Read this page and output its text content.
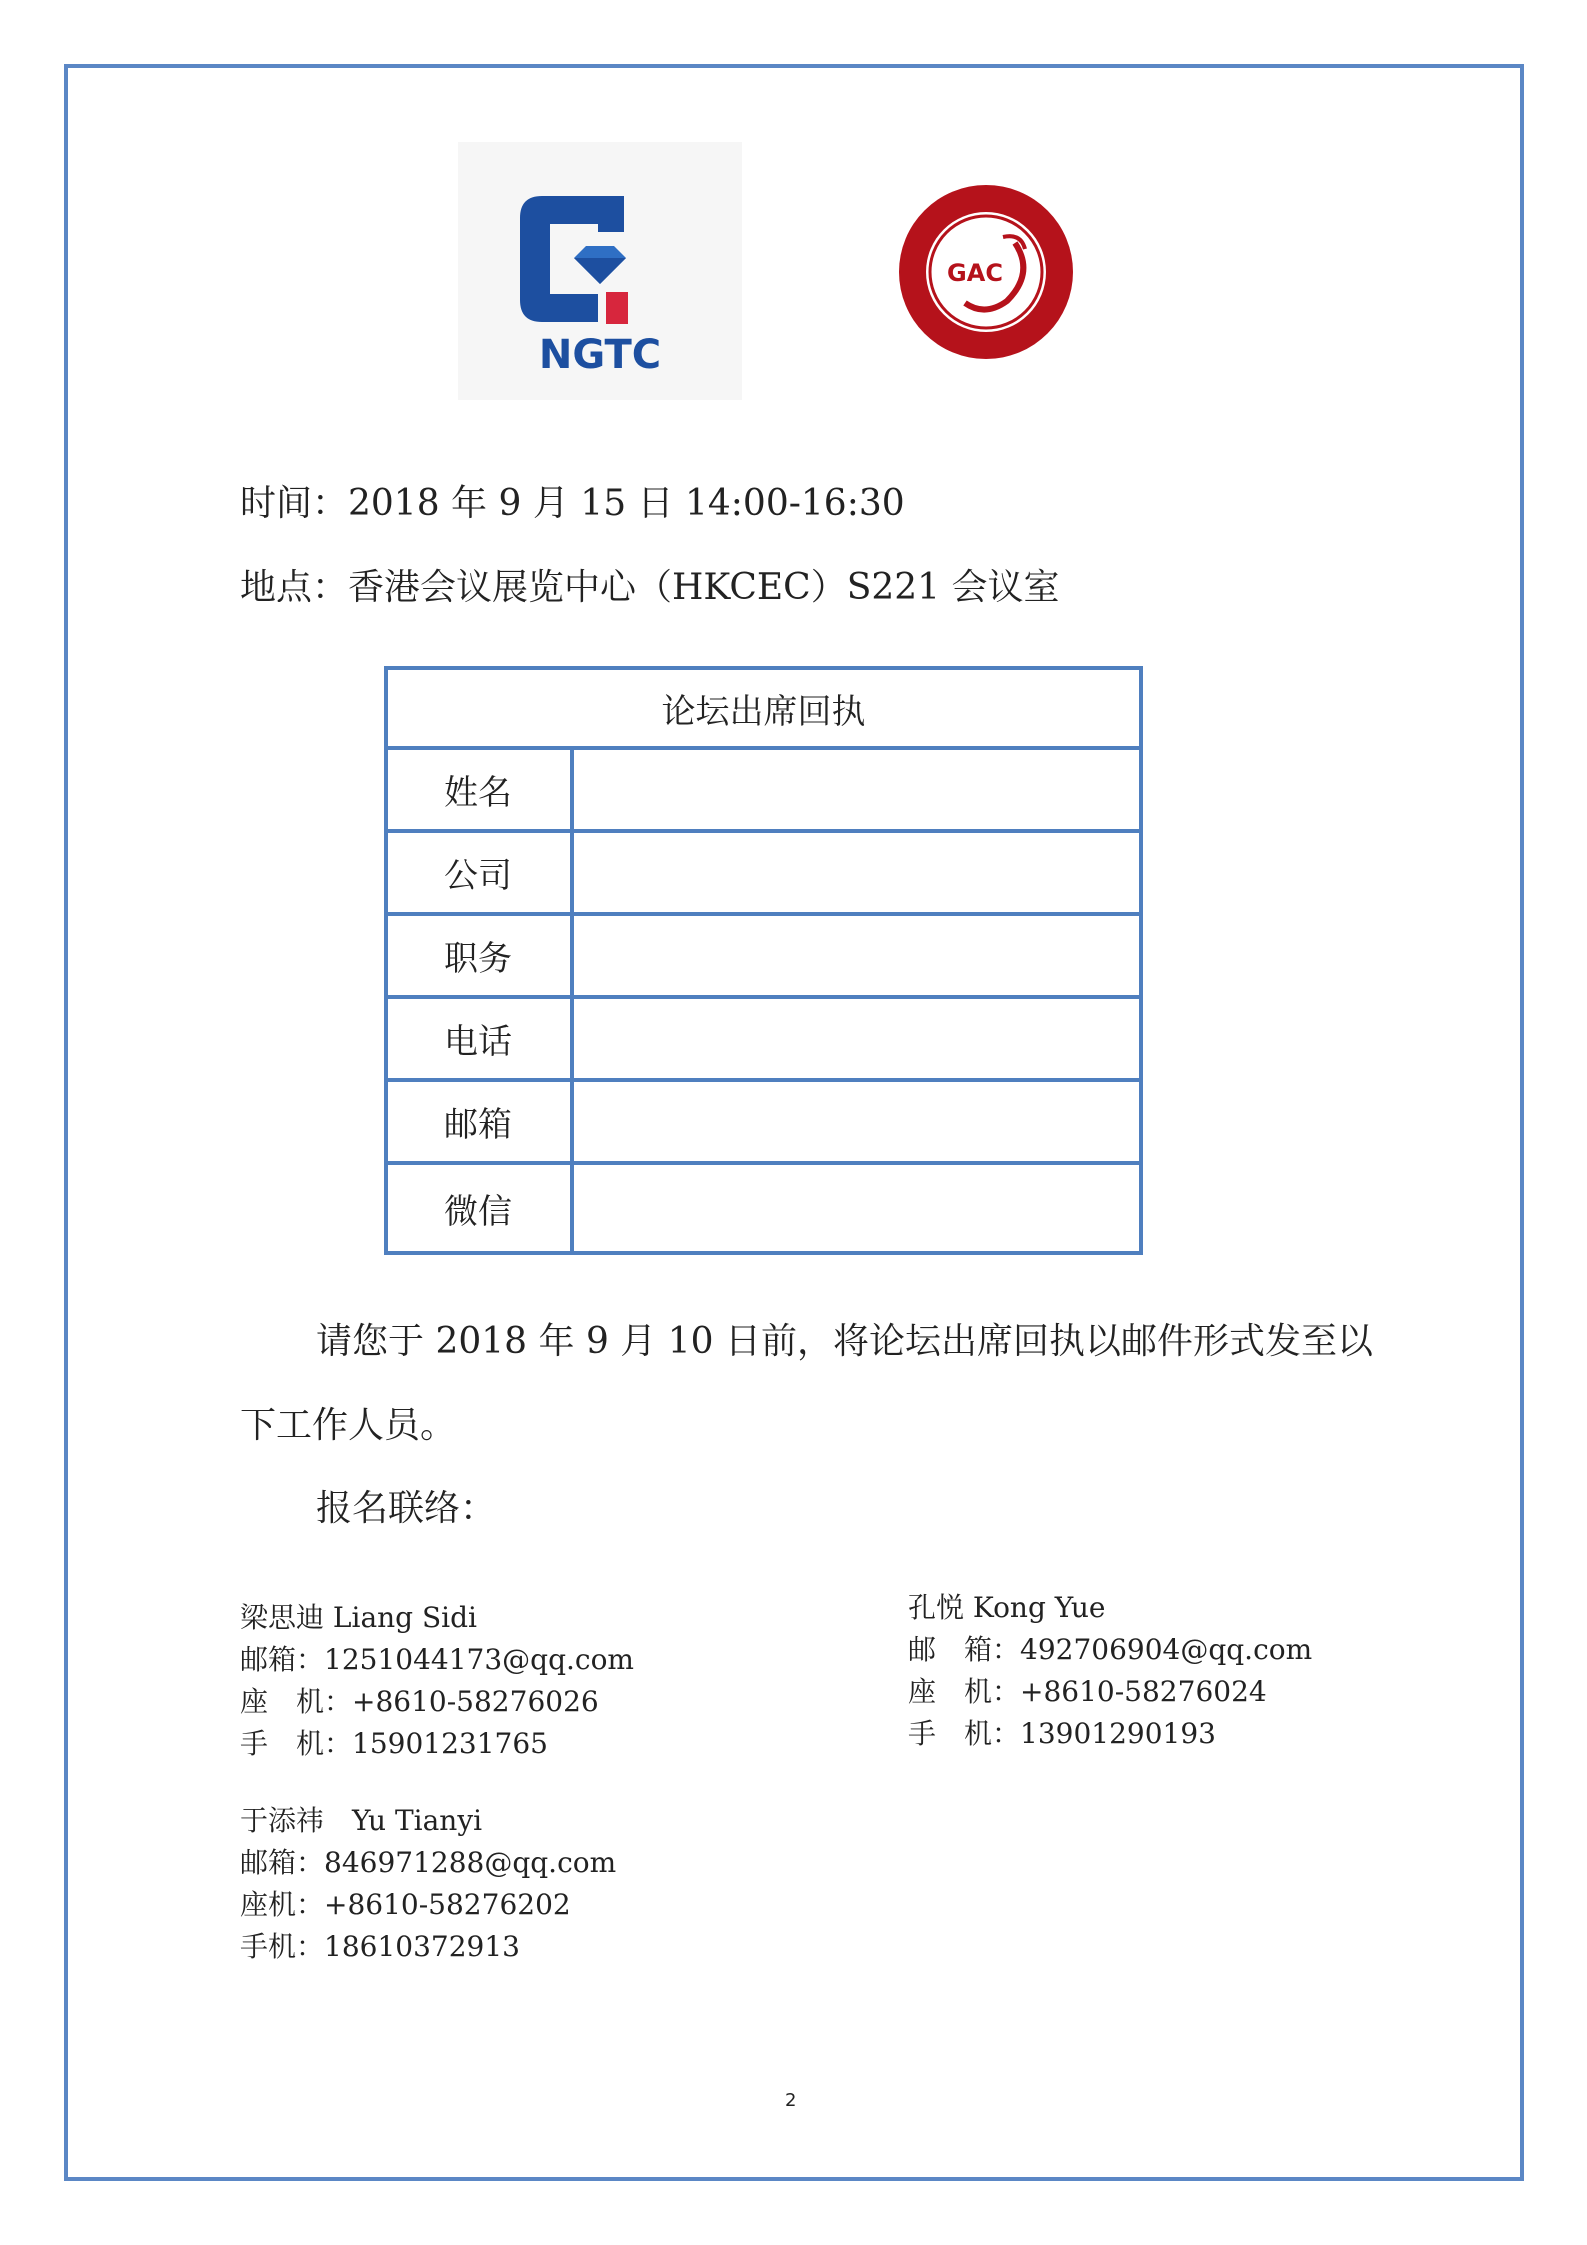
NGTC
GAC
时间：2018 年 9 月 15 日 14:00-16:30
地点：香港会议展览中心（HKCEC）S221 会议室
论坛出席回执
姓名
公司
职务
电话
邮箱
微信
请您于 2018 年 9 月 10 日前，将论坛出席回执以邮件形式发至以
下工作人员。
报名联络：
梁思迪 Liang Sidi
邮箱：1251044173@qq.com
座　机：+8610-58276026
手　机：15901231765
孔悦 Kong Yue
邮　箱：492706904@qq.com
座　机：+8610-58276024
手　机：13901290193
于添祎　Yu Tianyi
邮箱：846971288@qq.com
座机：+8610-58276202
手机：18610372913
2
